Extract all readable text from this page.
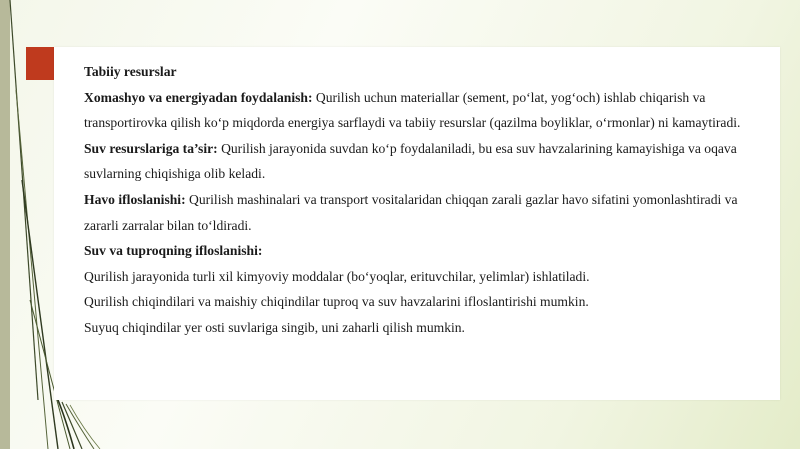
Tabiiy resurslar

Xomashyo va energiyadan foydalanish: Qurilish uchun materiallar (sement, po‘lat, yog‘och) ishlab chiqarish va transportirovka qilish ko‘p miqdorda energiya sarflaydi va tabiiy resurslar (qazilma boyliklar, o‘rmonlar) ni kamaytiradi.

Suv resurslariga ta’sir: Qurilish jarayonida suvdan ko‘p foydalaniladi, bu esa suv havzalarining kamayishiga va oqava suvlarning chiqishiga olib keladi.

Havo ifloslanishi: Qurilish mashinalari va transport vositalaridan chiqqan zarali gazlar havo sifatini yomonlashtiradi va zararli zarralar bilan to‘ldiradi.

Suv va tuproqning ifloslanishi:

Qurilish jarayonida turli xil kimyoviy moddalar (bo‘yoqlar, erituvchilar, yelimlar) ishlatiladi.

Qurilish chiqindilari va maishiy chiqindilar tuproq va suv havzalarini ifloslantirishi mumkin.

Suyuq chiqindilar yer osti suvlariga singib, uni zaharli qilish mumkin.
